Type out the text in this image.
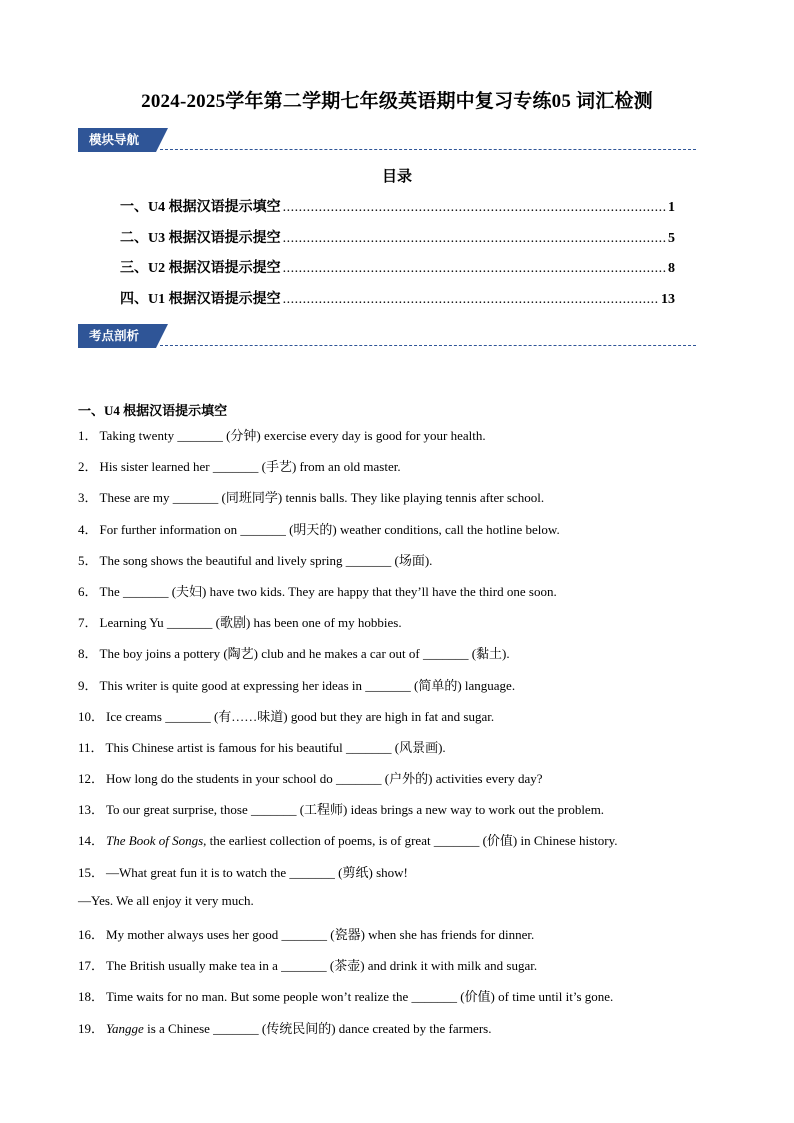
2024-2025学年第二学期七年级英语期中复习专练05 词汇检测
模块导航
目录
一、U4 根据汉语提示填空 .....	1
二、U3 根据汉语提示提空 .....	5
三、U2 根据汉语提示提空 .....	8
四、U1 根据汉语提示提空 .....	13
考点剖析
一、U4 根据汉语提示填空
1． Taking twenty _______ (分钟) exercise every day is good for your health.
2． His sister learned her _______ (手艺) from an old master.
3． These are my _______ (同班同学) tennis balls. They like playing tennis after school.
4． For further information on _______ (明天的) weather conditions, call the hotline below.
5． The song shows the beautiful and lively spring _______ (场面).
6． The _______ (夫妇) have two kids. They are happy that they’ll have the third one soon.
7． Learning Yu _______ (歌剧) has been one of my hobbies.
8． The boy joins a pottery (陶艺) club and he makes a car out of _______ (黏土).
9． This writer is quite good at expressing her ideas in _______ (简单的) language.
10． Ice creams _______ (有……味道) good but they are high in fat and sugar.
11． This Chinese artist is famous for his beautiful _______ (风景画).
12． How long do the students in your school do _______ (户外的) activities every day?
13． To our great surprise, those _______ (工程师) ideas brings a new way to work out the problem.
14． The Book of Songs, the earliest collection of poems, is of great _______ (价值) in Chinese history.
15． —What great fun it is to watch the _______ (剪纸) show!
—Yes. We all enjoy it very much.
16． My mother always uses her good _______ (瓷器) when she has friends for dinner.
17． The British usually make tea in a _______ (茶壶) and drink it with milk and sugar.
18． Time waits for no man. But some people won’t realize the _______ (价值) of time until it’s gone.
19． Yangge is a Chinese _______ (传统民间的) dance created by the farmers.
